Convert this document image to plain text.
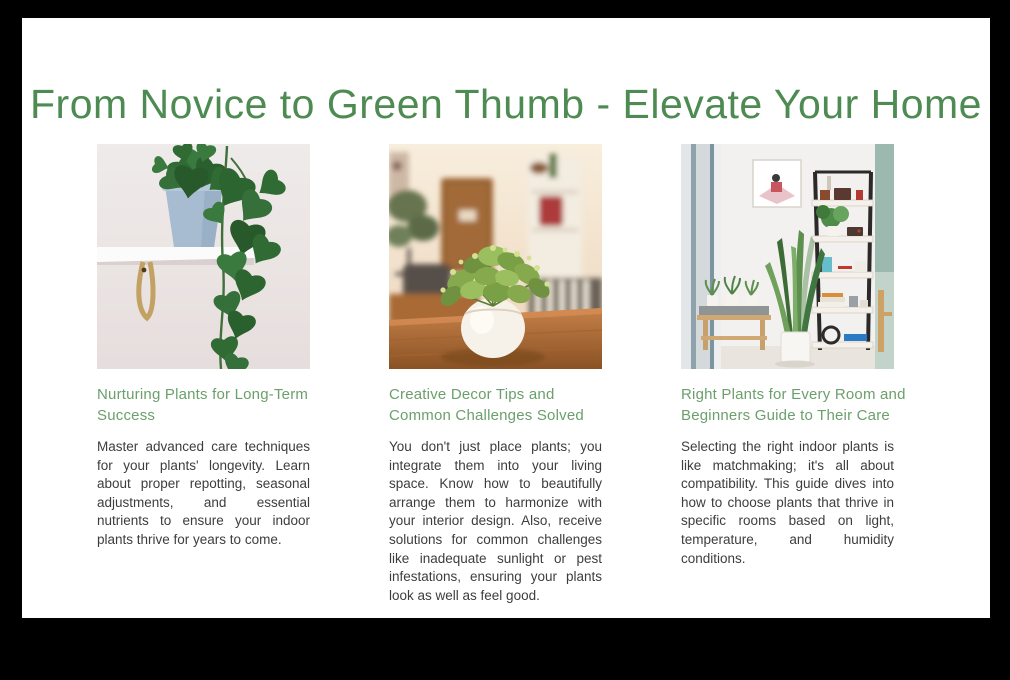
From Novice to Green Thumb - Elevate Your Home
Nurturing Plants for Long-Term
Success

Master advanced care techniques for your plants' longevity. Learn about proper repotting, seasonal adjustments, and essential nutrients to ensure your indoor plants thrive for years to come.

Creative Decor Tips and
Common Challenges Solved

You don't just place plants; you integrate them into your living space. Know how to beautifully arrange them to harmonize with your interior design. Also, receive solutions for common challenges like inadequate sunlight or pest infestations, ensuring your plants look as well as feel good.

Right Plants for Every Room and
Beginners Guide to Their Care

Selecting the right indoor plants is like matchmaking; it's all about compatibility. This guide dives into how to choose plants that thrive in specific rooms based on light, temperature, and humidity conditions.
